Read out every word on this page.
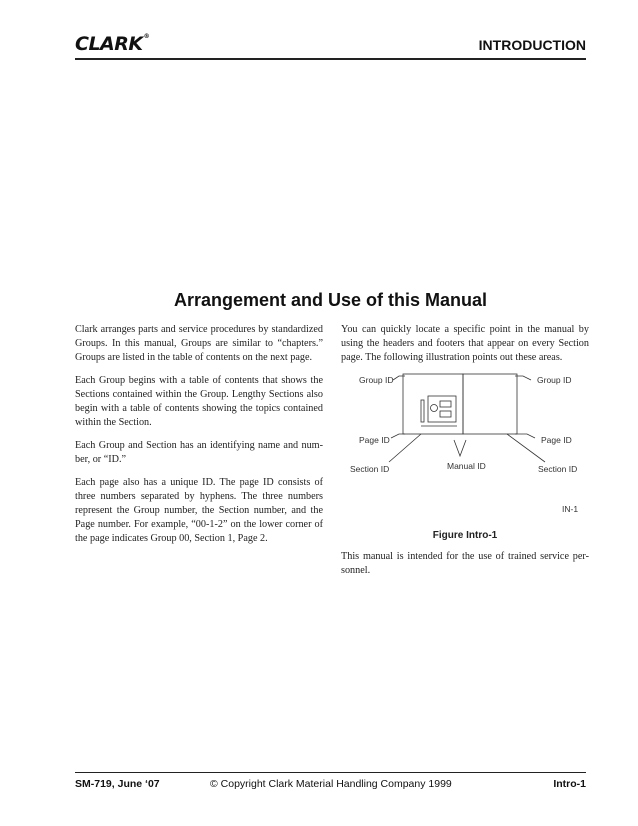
CLARK®
INTRODUCTION
Arrangement and Use of this Manual

Clark arranges parts and service procedures by standardized Groups. In this manual, Groups are similar to “chapters.” Groups are listed in the table of contents on the next page.

Each Group begins with a table of contents that shows the Sections contained within the Group. Lengthy Sections also begin with a table of contents showing the topics contained within the Section.

Each Group and Section has an identifying name and num- ber, or “ID.”

Each page also has a unique ID. The page ID consists of three numbers separated by hyphens. The three numbers represent the Group number, the Section number, and the Page number. For example, “00-1-2” on the lower corner of the page indicates Group 00, Section 1, Page 2.

You can quickly locate a specific point in the manual by using the headers and footers that appear on every Section page. The following illustration points out these areas.

Group ID	Group ID
Page ID	Page ID
Section ID	Manual ID	Section ID
IN-1
Figure Intro-1

This manual is intended for the use of trained service per- sonnel.

SM-719, June ‘07	© Copyright Clark Material Handling Company 1999	Intro-1
